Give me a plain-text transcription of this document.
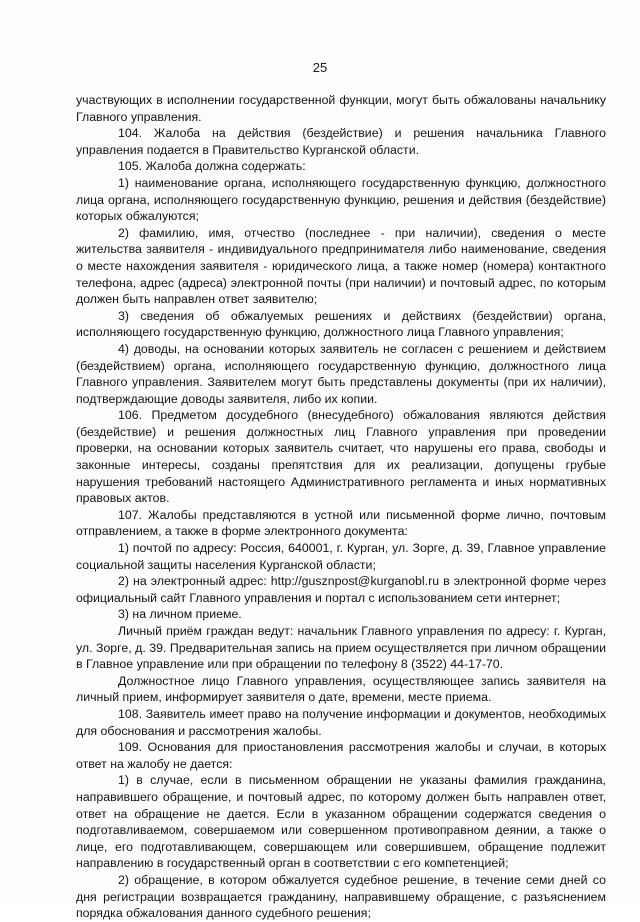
25

участвующих в исполнении государственной функции, могут быть обжалованы начальнику Главного управления.

104. Жалоба на действия (бездействие) и решения начальника Главного управления подается в Правительство Курганской области.

105. Жалоба должна содержать:

1) наименование органа, исполняющего государственную функцию, должностного лица органа, исполняющего государственную функцию, решения и действия (бездействие) которых обжалуются;

2) фамилию, имя, отчество (последнее - при наличии), сведения о месте жительства заявителя - индивидуального предпринимателя либо наименование, сведения о месте нахождения заявителя - юридического лица, а также номер (номера) контактного телефона, адрес (адреса) электронной почты (при наличии) и почтовый адрес, по которым должен быть направлен ответ заявителю;

3) сведения об обжалуемых решениях и действиях (бездействии) органа, исполняющего государственную функцию, должностного лица Главного управления;

4) доводы, на основании которых заявитель не согласен с решением и действием (бездействием) органа, исполняющего государственную функцию, должностного лица Главного управления. Заявителем могут быть представлены документы (при их наличии), подтверждающие доводы заявителя, либо их копии.

106. Предметом досудебного (внесудебного) обжалования являются действия (бездействие) и решения должностных лиц Главного управления при проведении проверки, на основании которых заявитель считает, что нарушены его права, свободы и законные интересы, созданы препятствия для их реализации, допущены грубые нарушения требований настоящего Административного регламента и иных нормативных правовых актов.

107. Жалобы представляются в устной или письменной форме лично, почтовым отправлением, а также в форме электронного документа:

1) почтой по адресу: Россия, 640001, г. Курган, ул. Зорге, д. 39, Главное управление социальной защиты населения Курганской области;

2) на электронный адрес: http://gusznpost@kurganobl.ru в электронной форме через официальный сайт Главного управления и портал с использованием сети интернет;

3) на личном приеме.

Личный приём граждан ведут: начальник Главного управления по адресу: г. Курган, ул. Зорге, д. 39. Предварительная запись на прием осуществляется при личном обращении в Главное управление или при обращении по телефону 8 (3522) 44-17-70.

Должностное лицо Главного управления, осуществляющее запись заявителя на личный прием, информирует заявителя о дате, времени, месте приема.

108. Заявитель имеет право на получение информации и документов, необходимых для обоснования и рассмотрения жалобы.

109. Основания для приостановления рассмотрения жалобы и случаи, в которых ответ на жалобу не дается:

1) в случае, если в письменном обращении не указаны фамилия гражданина, направившего обращение, и почтовый адрес, по которому должен быть направлен ответ, ответ на обращение не дается. Если в указанном обращении содержатся сведения о подготавливаемом, совершаемом или совершенном противоправном деянии, а также о лице, его подготавливающем, совершающем или совершившем, обращение подлежит направлению в государственный орган в соответствии с его компетенцией;

2) обращение, в котором обжалуется судебное решение, в течение семи дней со дня регистрации возвращается гражданину, направившему обращение, с разъяснением порядка обжалования данного судебного решения;
